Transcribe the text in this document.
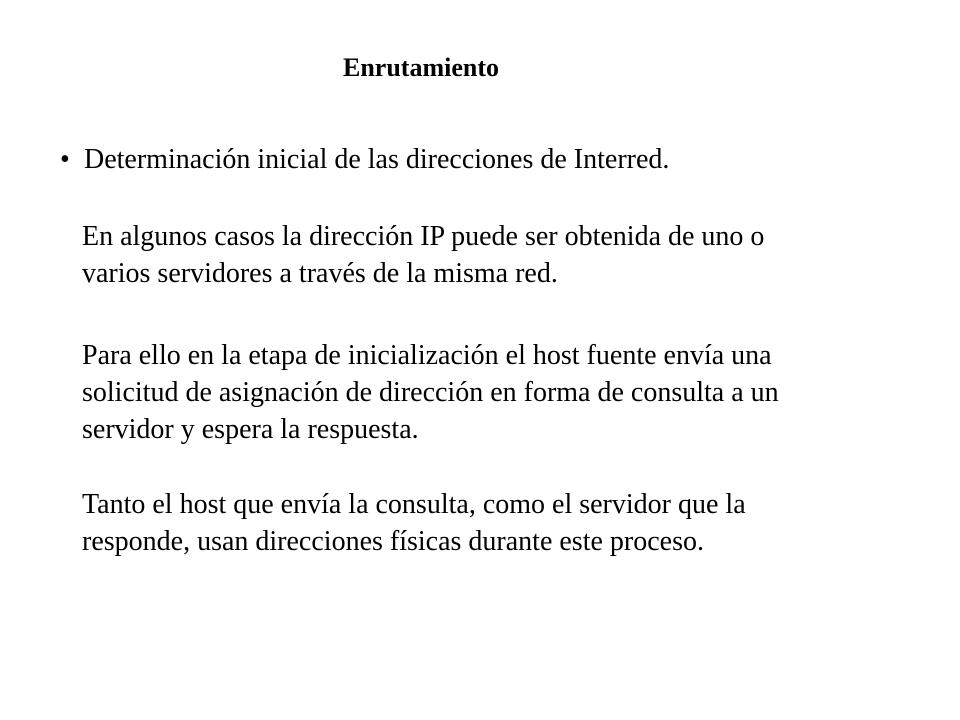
Enrutamiento
• Determinación inicial de las direcciones de Interred.
En algunos casos la dirección IP puede ser obtenida de uno o
varios servidores a través de la misma red.
Para ello en la etapa de inicialización el host fuente envía una
solicitud de asignación de dirección en forma de consulta a un
servidor y espera la respuesta.
Tanto el host que envía la consulta, como el servidor que la
responde, usan direcciones físicas durante este proceso.
